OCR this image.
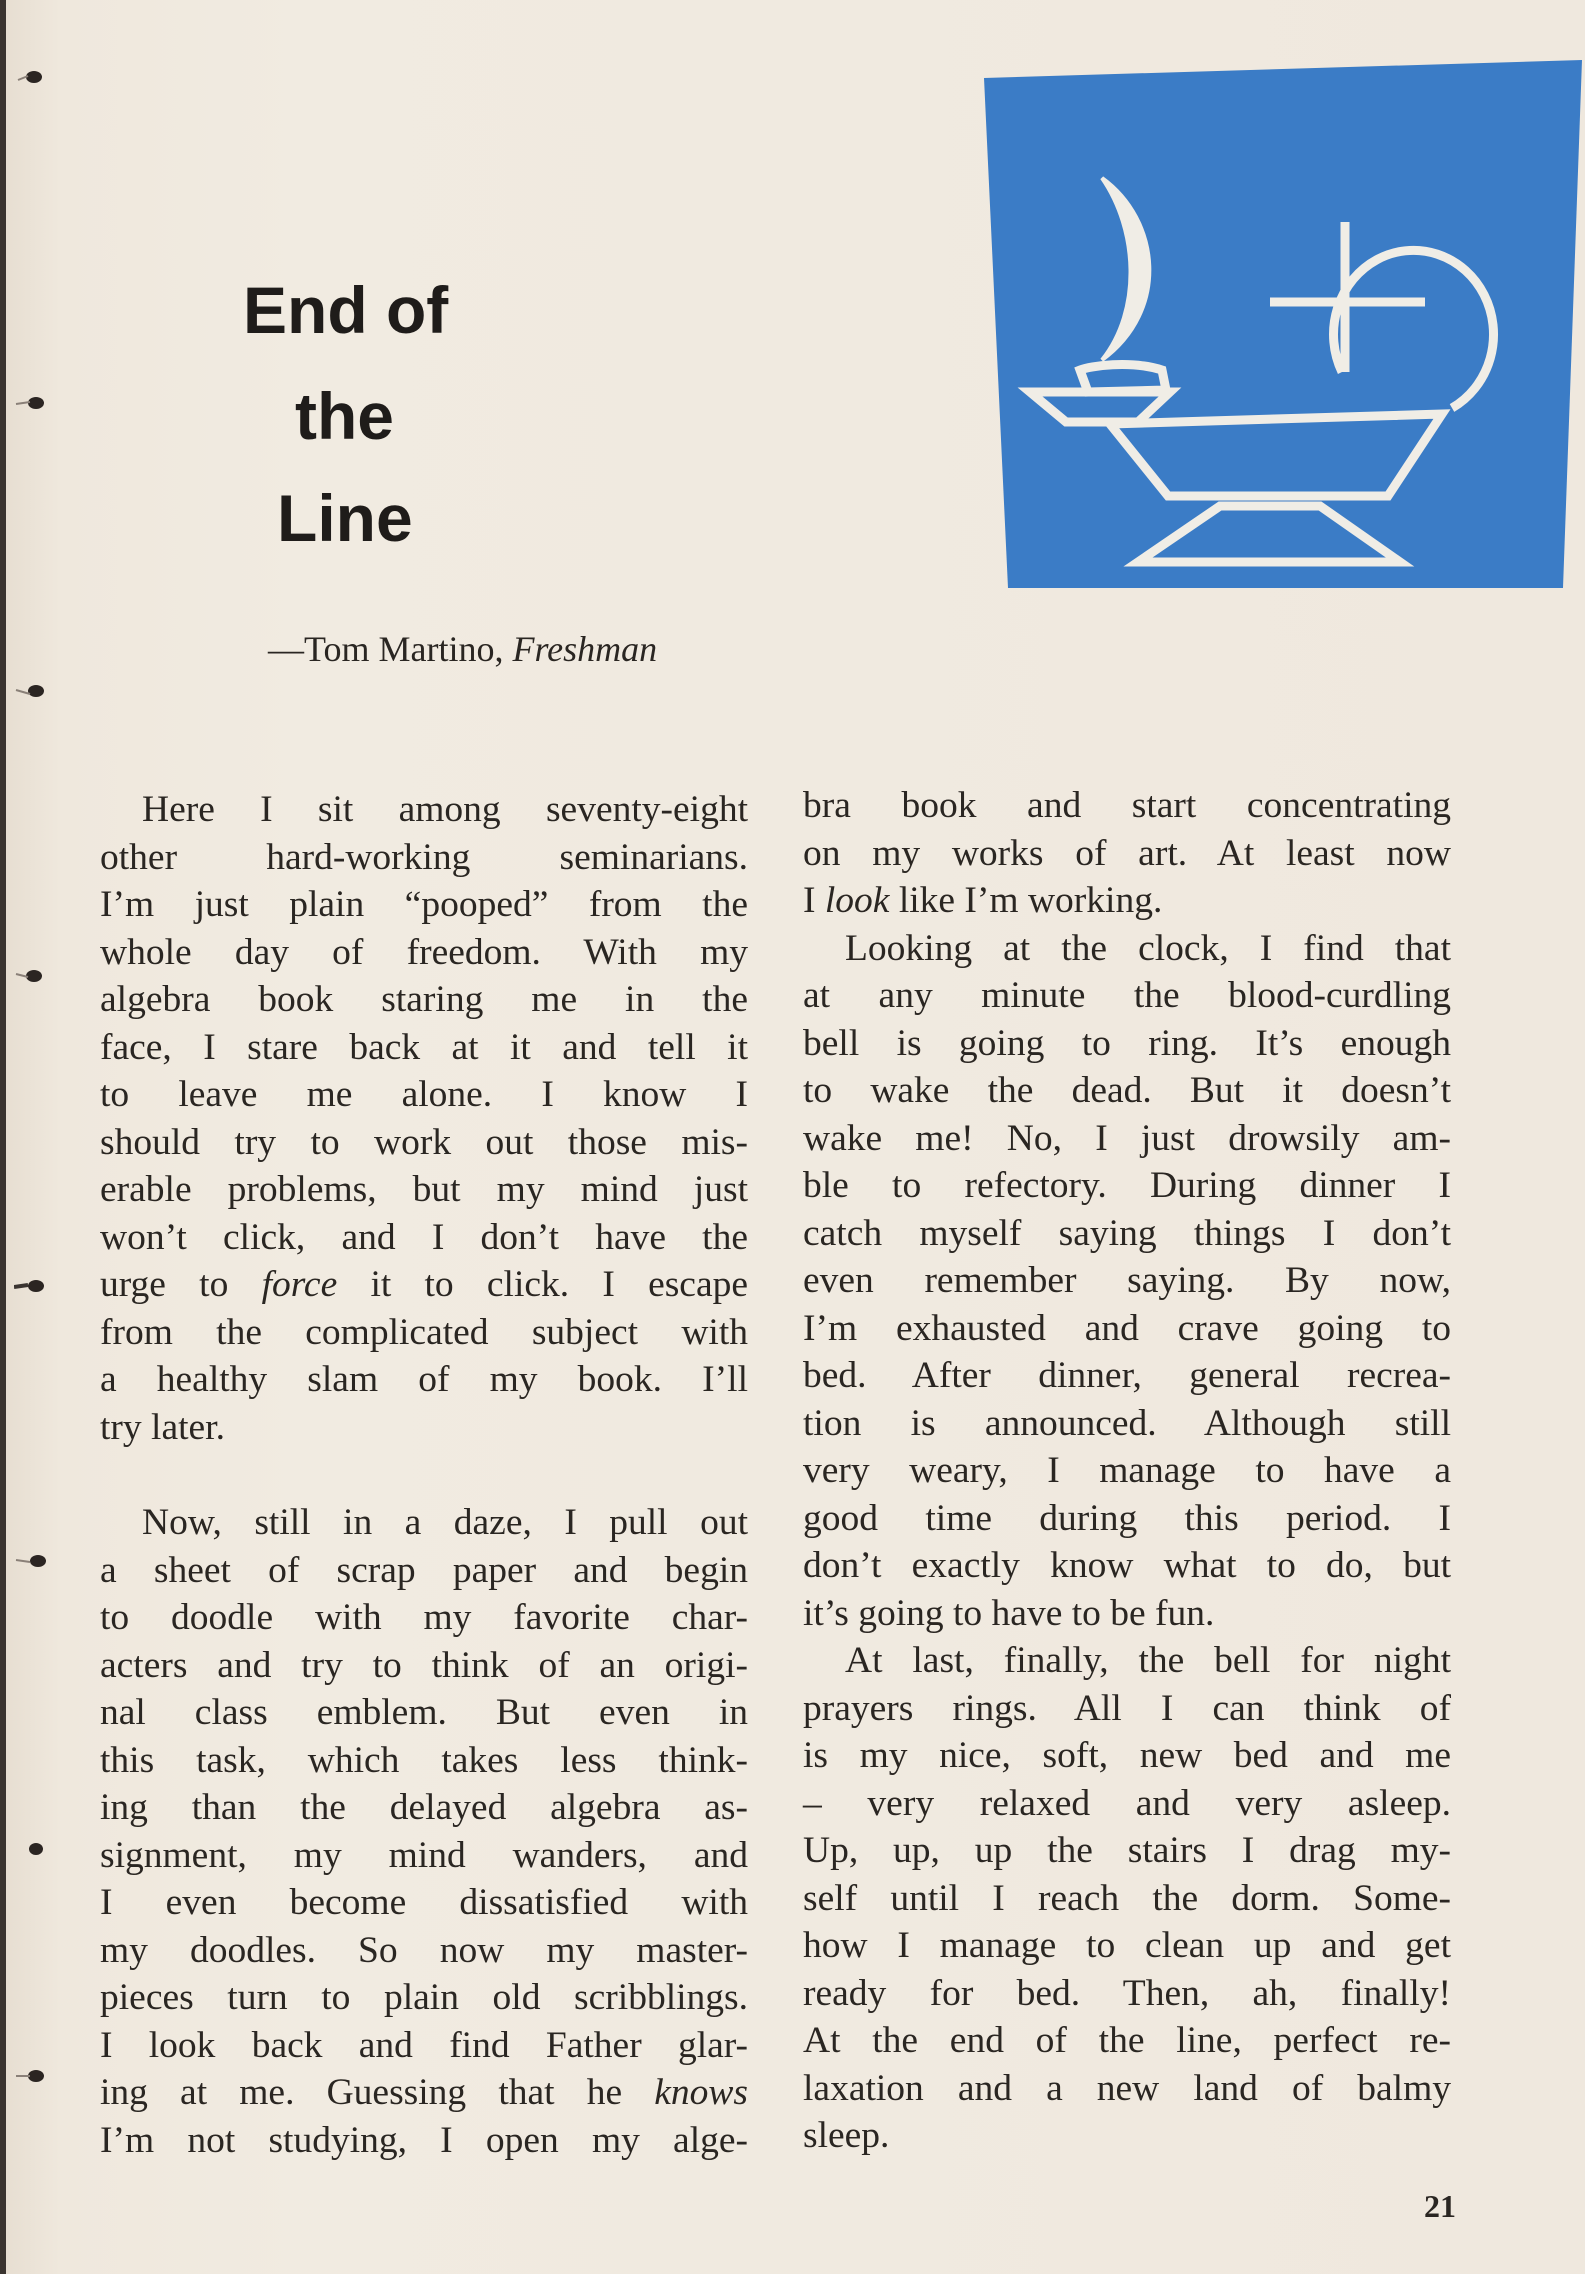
End of
the
Line
—Tom Martino, Freshman

Here I sit among seventy-eight

other hard-working seminarians.

I’m just plain “pooped” from the

whole day of freedom. With my

algebra book staring me in the

face, I stare back at it and tell it

to leave me alone. I know I

should try to work out those mis-

erable problems, but my mind just

won’t click, and I don’t have the

urge to force it to click. I escape

from the complicated subject with

a healthy slam of my book. I’ll

try later.

Now, still in a daze, I pull out

a sheet of scrap paper and begin

to doodle with my favorite char-

acters and try to think of an origi-

nal class emblem. But even in

this task, which takes less think-

ing than the delayed algebra as-

signment, my mind wanders, and

I even become dissatisfied with

my doodles. So now my master-

pieces turn to plain old scribblings.

I look back and find Father glar-

ing at me. Guessing that he knows

I’m not studying, I open my alge-

bra book and start concentrating

on my works of art. At least now

I look like I’m working.

Looking at the clock, I find that

at any minute the blood-curdling

bell is going to ring. It’s enough

to wake the dead. But it doesn’t

wake me! No, I just drowsily am-

ble to refectory. During dinner I

catch myself saying things I don’t

even remember saying. By now,

I’m exhausted and crave going to

bed. After dinner, general recrea-

tion is announced. Although still

very weary, I manage to have a

good time during this period. I

don’t exactly know what to do, but

it’s going to have to be fun.

At last, finally, the bell for night

prayers rings. All I can think of

is my nice, soft, new bed and me

– very relaxed and very asleep.

Up, up, up the stairs I drag my-

self until I reach the dorm. Some-

how I manage to clean up and get

ready for bed. Then, ah, finally!

At the end of the line, perfect re-

laxation and a new land of balmy

sleep.

21
